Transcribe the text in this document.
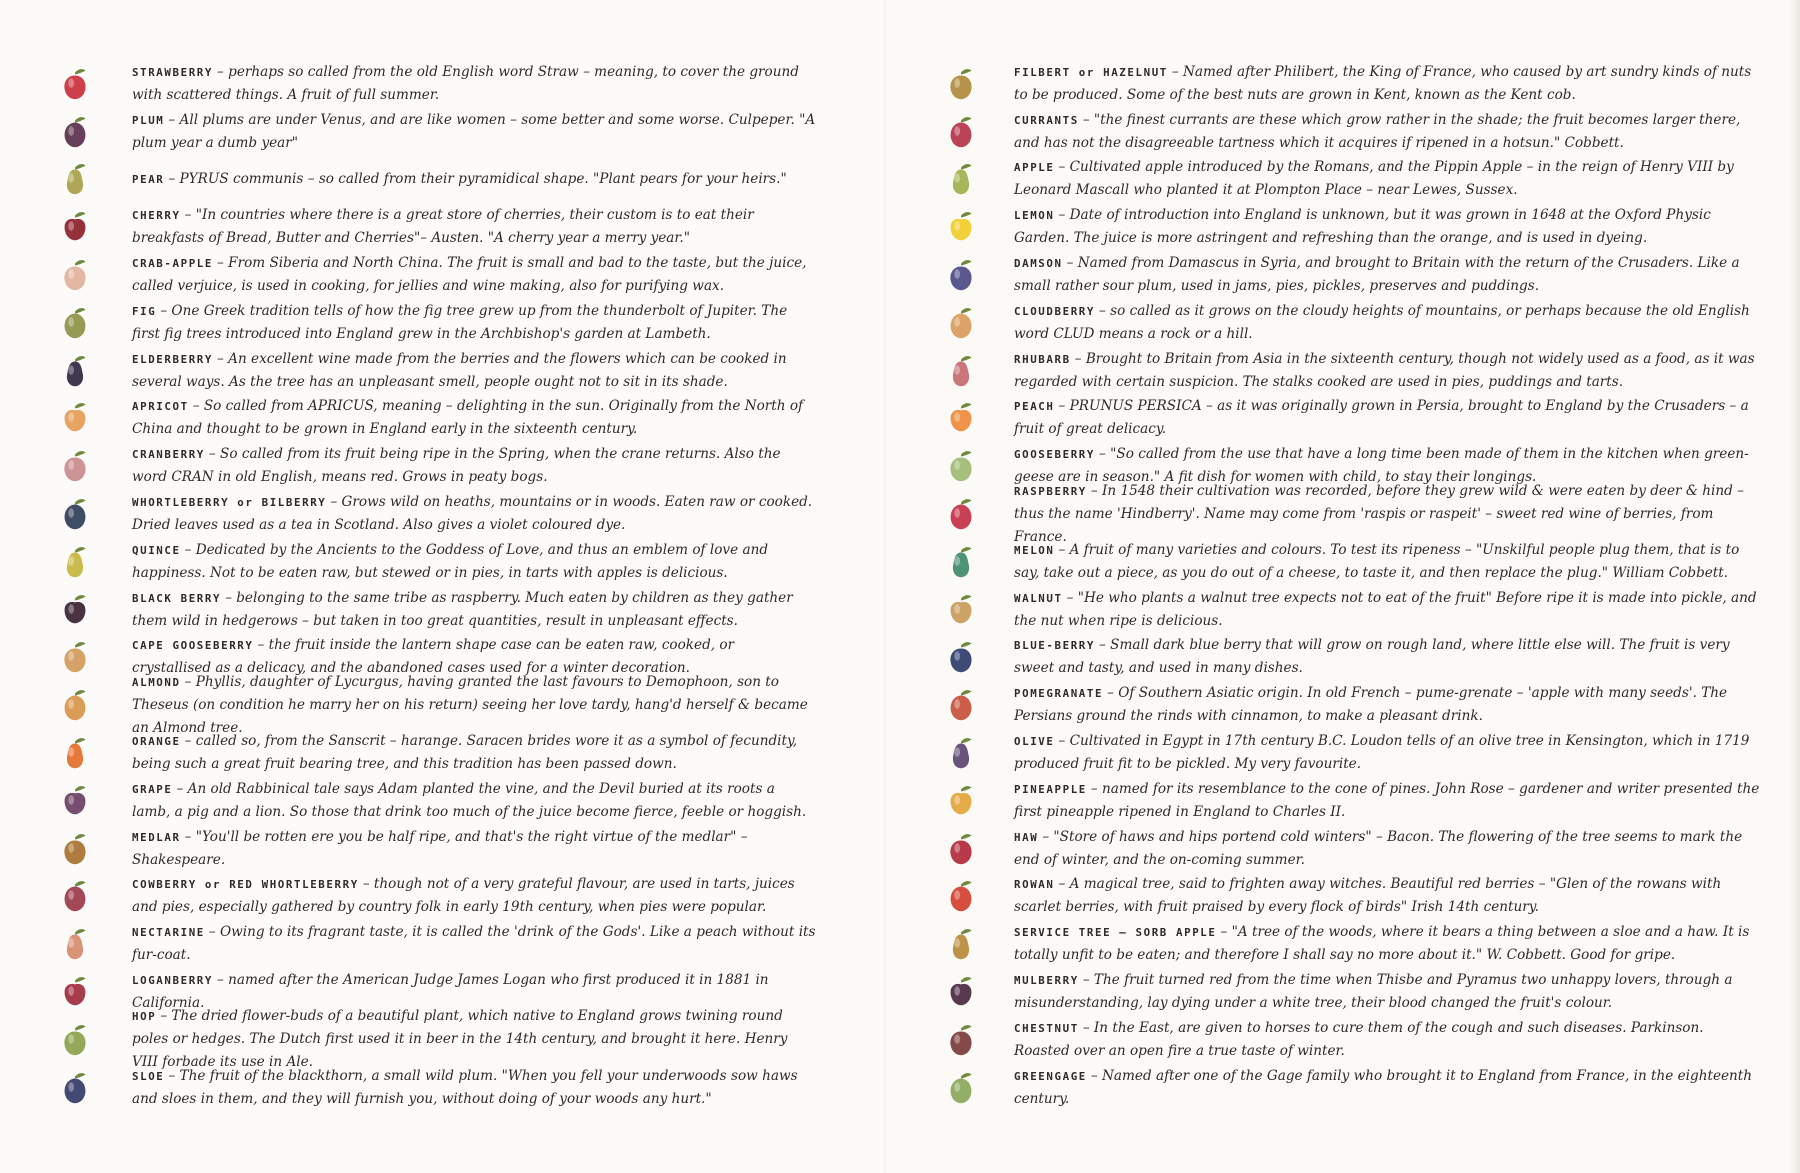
STRAWBERRY – perhaps so called from the old English word Straw – meaning, to cover the ground with scattered things. A fruit of full summer.
PLUM – All plums are under Venus, and are like women – some better and some worse. Culpeper. "A plum year a dumb year"
PEAR – PYRUS communis – so called from their pyramidical shape. "Plant pears for your heirs."
CHERRY – "In countries where there is a great store of cherries, their custom is to eat their breakfasts of Bread, Butter and Cherries"– Austen. "A cherry year a merry year."
CRAB-APPLE – From Siberia and North China. The fruit is small and bad to the taste, but the juice, called verjuice, is used in cooking, for jellies and wine making, also for purifying wax.
FIG – One Greek tradition tells of how the fig tree grew up from the thunderbolt of Jupiter. The first fig trees introduced into England grew in the Archbishop's garden at Lambeth.
ELDERBERRY – An excellent wine made from the berries and the flowers which can be cooked in several ways. As the tree has an unpleasant smell, people ought not to sit in its shade.
APRICOT – So called from APRICUS, meaning – delighting in the sun. Originally from the North of China and thought to be grown in England early in the sixteenth century.
CRANBERRY – So called from its fruit being ripe in the Spring, when the crane returns. Also the word CRAN in old English, means red. Grows in peaty bogs.
WHORTLEBERRY or BILBERRY – Grows wild on heaths, mountains or in woods. Eaten raw or cooked. Dried leaves used as a tea in Scotland. Also gives a violet coloured dye.
QUINCE – Dedicated by the Ancients to the Goddess of Love, and thus an emblem of love and happiness. Not to be eaten raw, but stewed or in pies, in tarts with apples is delicious.
BLACK BERRY – belonging to the same tribe as raspberry. Much eaten by children as they gather them wild in hedgerows – but taken in too great quantities, result in unpleasant effects.
CAPE GOOSEBERRY – the fruit inside the lantern shape case can be eaten raw, cooked, or crystallised as a delicacy, and the abandoned cases used for a winter decoration.
ALMOND – Phyllis, daughter of Lycurgus, having granted the last favours to Demophoon, son to Theseus (on condition he marry her on his return) seeing her love tardy, hang'd herself & became an Almond tree.
ORANGE – called so, from the Sanscrit – harange. Saracen brides wore it as a symbol of fecundity, being such a great fruit bearing tree, and this tradition has been passed down.
GRAPE – An old Rabbinical tale says Adam planted the vine, and the Devil buried at its roots a lamb, a pig and a lion. So those that drink too much of the juice become fierce, feeble or hoggish.
MEDLAR – "You'll be rotten ere you be half ripe, and that's the right virtue of the medlar" – Shakespeare.
COWBERRY or RED WHORTLEBERRY – though not of a very grateful flavour, are used in tarts, juices and pies, especially gathered by country folk in early 19th century, when pies were popular.
NECTARINE – Owing to its fragrant taste, it is called the 'drink of the Gods'. Like a peach without its fur-coat.
LOGANBERRY – named after the American Judge James Logan who first produced it in 1881 in California.
HOP – The dried flower-buds of a beautiful plant, which native to England grows twining round poles or hedges. The Dutch first used it in beer in the 14th century, and brought it here. Henry VIII forbade its use in Ale.
SLOE – The fruit of the blackthorn, a small wild plum. "When you fell your underwoods sow haws and sloes in them, and they will furnish you, without doing of your woods any hurt."
FILBERT or HAZELNUT – Named after Philibert, the King of France, who caused by art sundry kinds of nuts to be produced. Some of the best nuts are grown in Kent, known as the Kent cob.
CURRANTS – "the finest currants are these which grow rather in the shade; the fruit becomes larger there, and has not the disagreeable tartness which it acquires if ripened in a hotsun." Cobbett.
APPLE – Cultivated apple introduced by the Romans, and the Pippin Apple – in the reign of Henry VIII by Leonard Mascall who planted it at Plompton Place – near Lewes, Sussex.
LEMON – Date of introduction into England is unknown, but it was grown in 1648 at the Oxford Physic Garden. The juice is more astringent and refreshing than the orange, and is used in dyeing.
DAMSON – Named from Damascus in Syria, and brought to Britain with the return of the Crusaders. Like a small rather sour plum, used in jams, pies, pickles, preserves and puddings.
CLOUDBERRY – so called as it grows on the cloudy heights of mountains, or perhaps because the old English word CLUD means a rock or a hill.
RHUBARB – Brought to Britain from Asia in the sixteenth century, though not widely used as a food, as it was regarded with certain suspicion. The stalks cooked are used in pies, puddings and tarts.
PEACH – PRUNUS PERSICA – as it was originally grown in Persia, brought to England by the Crusaders – a fruit of great delicacy.
GOOSEBERRY – "So called from the use that have a long time been made of them in the kitchen when green-geese are in season." A fit dish for women with child, to stay their longings.
RASPBERRY – In 1548 their cultivation was recorded, before they grew wild & were eaten by deer & hind – thus the name 'Hindberry'. Name may come from 'raspis or raspeit' – sweet red wine of berries, from France.
MELON – A fruit of many varieties and colours. To test its ripeness – "Unskilful people plug them, that is to say, take out a piece, as you do out of a cheese, to taste it, and then replace the plug." William Cobbett.
WALNUT – "He who plants a walnut tree expects not to eat of the fruit" Before ripe it is made into pickle, and the nut when ripe is delicious.
BLUE-BERRY – Small dark blue berry that will grow on rough land, where little else will. The fruit is very sweet and tasty, and used in many dishes.
POMEGRANATE – Of Southern Asiatic origin. In old French – pume-grenate – 'apple with many seeds'. The Persians ground the rinds with cinnamon, to make a pleasant drink.
OLIVE – Cultivated in Egypt in 17th century B.C. Loudon tells of an olive tree in Kensington, which in 1719 produced fruit fit to be pickled. My very favourite.
PINEAPPLE – named for its resemblance to the cone of pines. John Rose – gardener and writer presented the first pineapple ripened in England to Charles II.
HAW – "Store of haws and hips portend cold winters" – Bacon. The flowering of the tree seems to mark the end of winter, and the on-coming summer.
ROWAN – A magical tree, said to frighten away witches. Beautiful red berries – "Glen of the rowans with scarlet berries, with fruit praised by every flock of birds" Irish 14th century.
SERVICE TREE – SORB APPLE – "A tree of the woods, where it bears a thing between a sloe and a haw. It is totally unfit to be eaten; and therefore I shall say no more about it." W. Cobbett. Good for gripe.
MULBERRY – The fruit turned red from the time when Thisbe and Pyramus two unhappy lovers, through a misunderstanding, lay dying under a white tree, their blood changed the fruit's colour.
CHESTNUT – In the East, are given to horses to cure them of the cough and such diseases. Parkinson. Roasted over an open fire a true taste of winter.
GREENGAGE – Named after one of the Gage family who brought it to England from France, in the eighteenth century.
